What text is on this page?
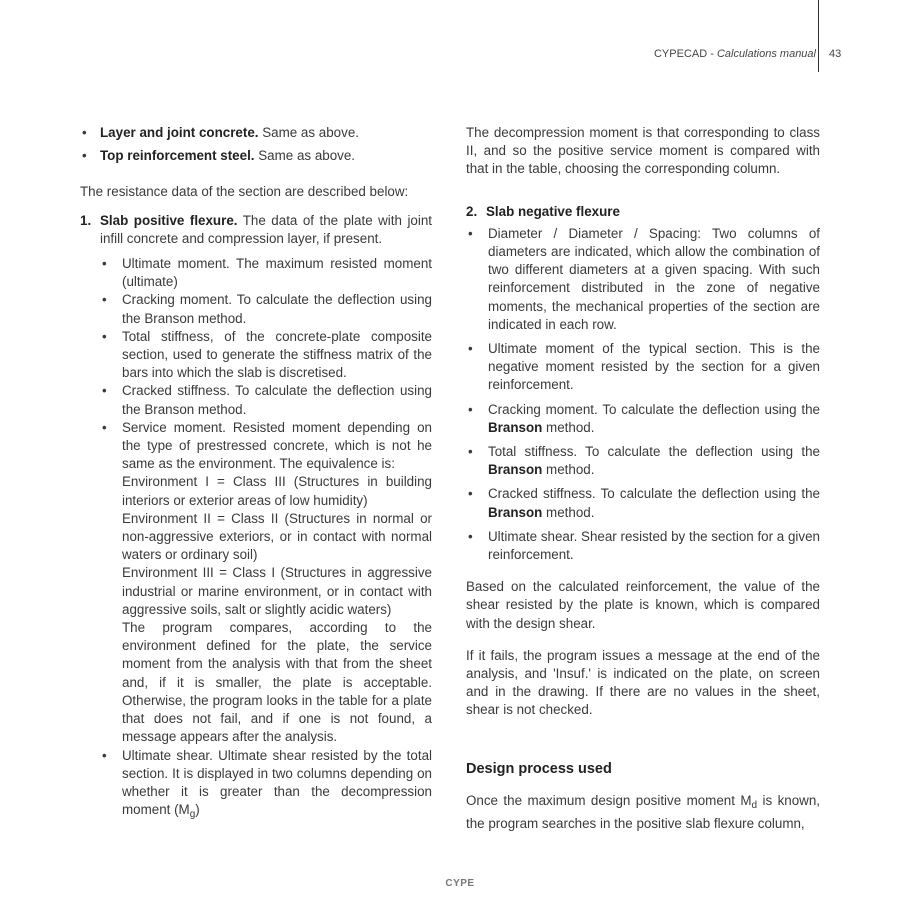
CYPECAD - Calculations manual 43
• Layer and joint concrete. Same as above.
• Top reinforcement steel. Same as above.

The resistance data of the section are described below:

1. Slab positive flexure. The data of the plate with joint infill concrete and compression layer, if present.

• Ultimate moment. The maximum resisted moment (ultimate)
• Cracking moment. To calculate the deflection using the Branson method.
• Total stiffness, of the concrete-plate composite section, used to generate the stiffness matrix of the bars into which the slab is discretised.
• Cracked stiffness. To calculate the deflection using the Branson method.

• Service moment. Resisted moment depending on the type of prestressed concrete, which is not he same as the environment. The equivalence is:

Environment I = Class III (Structures in building interiors or exterior areas of low humidity)

Environment II = Class II (Structures in normal or non-aggressive exteriors, or in contact with normal waters or ordinary soil)

Environment III = Class I (Structures in aggressive industrial or marine environment, or in contact with aggressive soils, salt or slightly acidic waters)

The program compares, according to the environment defined for the plate, the service moment from the analysis with that from the sheet and, if it is smaller, the plate is acceptable. Otherwise, the program looks in the table for a plate that does not fail, and if one is not found, a message appears after the analysis.

• Ultimate shear. Ultimate shear resisted by the total section. It is displayed in two columns depending on whether it is greater than the decompression moment $(M_g)$

The decompression moment is that corresponding to class II, and so the positive service moment is compared with that in the table, choosing the corresponding column.

2. Slab negative flexure

• Diameter / Diameter / Spacing: Two columns of diameters are indicated, which allow the combination of two different diameters at a given spacing. With such reinforcement distributed in the zone of negative moments, the mechanical properties of the section are indicated in each row.
• Ultimate moment of the typical section. This is the negative moment resisted by the section for a given reinforcement.
• Cracking moment. To calculate the deflection using the Branson method.
• Total stiffness. To calculate the deflection using the Branson method.
• Cracked stiffness. To calculate the deflection using the Branson method.
• Ultimate shear. Shear resisted by the section for a given reinforcement.

Based on the calculated reinforcement, the value of the shear resisted by the plate is known, which is compared with the design shear.

If it fails, the program issues a message at the end of the analysis, and 'Insuf.' is indicated on the plate, on screen and in the drawing. If there are no values in the sheet, shear is not checked.

Design process used

Once the maximum design positive moment $M_d$ is known, the program searches in the positive slab flexure column,

CYPE
